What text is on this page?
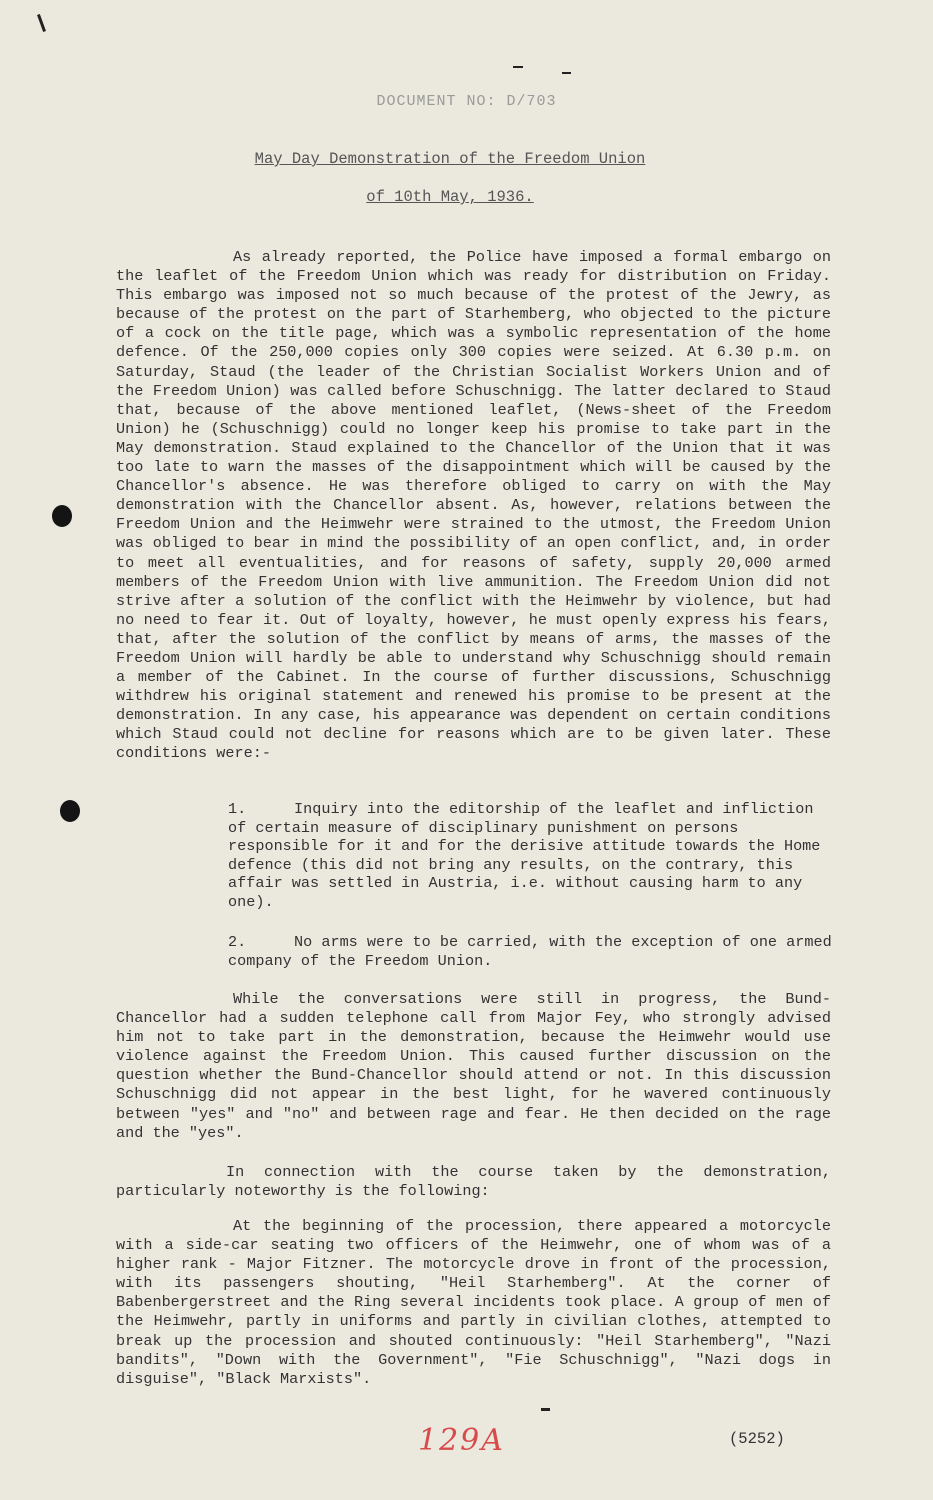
DOCUMENT NO: D/703
May Day Demonstration of the Freedom Union
of 10th May, 1936.
As already reported, the Police have imposed a formal embargo on the leaflet of the Freedom Union which was ready for distribution on Friday. This embargo was imposed not so much because of the protest of the Jewry, as because of the protest on the part of Starhemberg, who objected to the picture of a cock on the title page, which was a symbolic representation of the home defence. Of the 250,000 copies only 300 copies were seized. At 6.30 p.m. on Saturday, Staud (the leader of the Christian Socialist Workers Union and of the Freedom Union) was called before Schuschnigg. The latter declared to Staud that, because of the above mentioned leaflet, (News-sheet of the Freedom Union) he (Schuschnigg) could no longer keep his promise to take part in the May demonstration. Staud explained to the Chancellor of the Union that it was too late to warn the masses of the disappointment which will be caused by the Chancellor's absence. He was therefore obliged to carry on with the May demonstration with the Chancellor absent. As, however, relations between the Freedom Union and the Heimwehr were strained to the utmost, the Freedom Union was obliged to bear in mind the possibility of an open conflict, and, in order to meet all eventualities, and for reasons of safety, supply 20,000 armed members of the Freedom Union with live ammunition. The Freedom Union did not strive after a solution of the conflict with the Heimwehr by violence, but had no need to fear it. Out of loyalty, however, he must openly express his fears, that, after the solution of the conflict by means of arms, the masses of the Freedom Union will hardly be able to understand why Schuschnigg should remain a member of the Cabinet. In the course of further discussions, Schuschnigg withdrew his original statement and renewed his promise to be present at the demonstration. In any case, his appearance was dependent on certain conditions which Staud could not decline for reasons which are to be given later. These conditions were:-
1.	Inquiry into the editorship of the leaflet and infliction of certain measure of disciplinary punishment on persons responsible for it and for the derisive attitude towards the Home defence (this did not bring any results, on the contrary, this affair was settled in Austria, i.e. without causing harm to any one).
2.	No arms were to be carried, with the exception of one armed company of the Freedom Union.
While the conversations were still in progress, the Bund-Chancellor had a sudden telephone call from Major Fey, who strongly advised him not to take part in the demonstration, because the Heimwehr would use violence against the Freedom Union. This caused further discussion on the question whether the Bund-Chancellor should attend or not. In this discussion Schuschnigg did not appear in the best light, for he wavered continuously between "yes" and "no" and between rage and fear. He then decided on the rage and the "yes".
In connection with the course taken by the demonstration, particularly noteworthy is the following:
At the beginning of the procession, there appeared a motorcycle with a side-car seating two officers of the Heimwehr, one of whom was of a higher rank - Major Fitzner. The motorcycle drove in front of the procession, with its passengers shouting, "Heil Starhemberg". At the corner of Babenbergerstreet and the Ring several incidents took place. A group of men of the Heimwehr, partly in uniforms and partly in civilian clothes, attempted to break up the procession and shouted continuously: "Heil Starhemberg", "Nazi bandits", "Down with the Government", "Fie Schuschnigg", "Nazi dogs in disguise", "Black Marxists".
129A	(5252)
